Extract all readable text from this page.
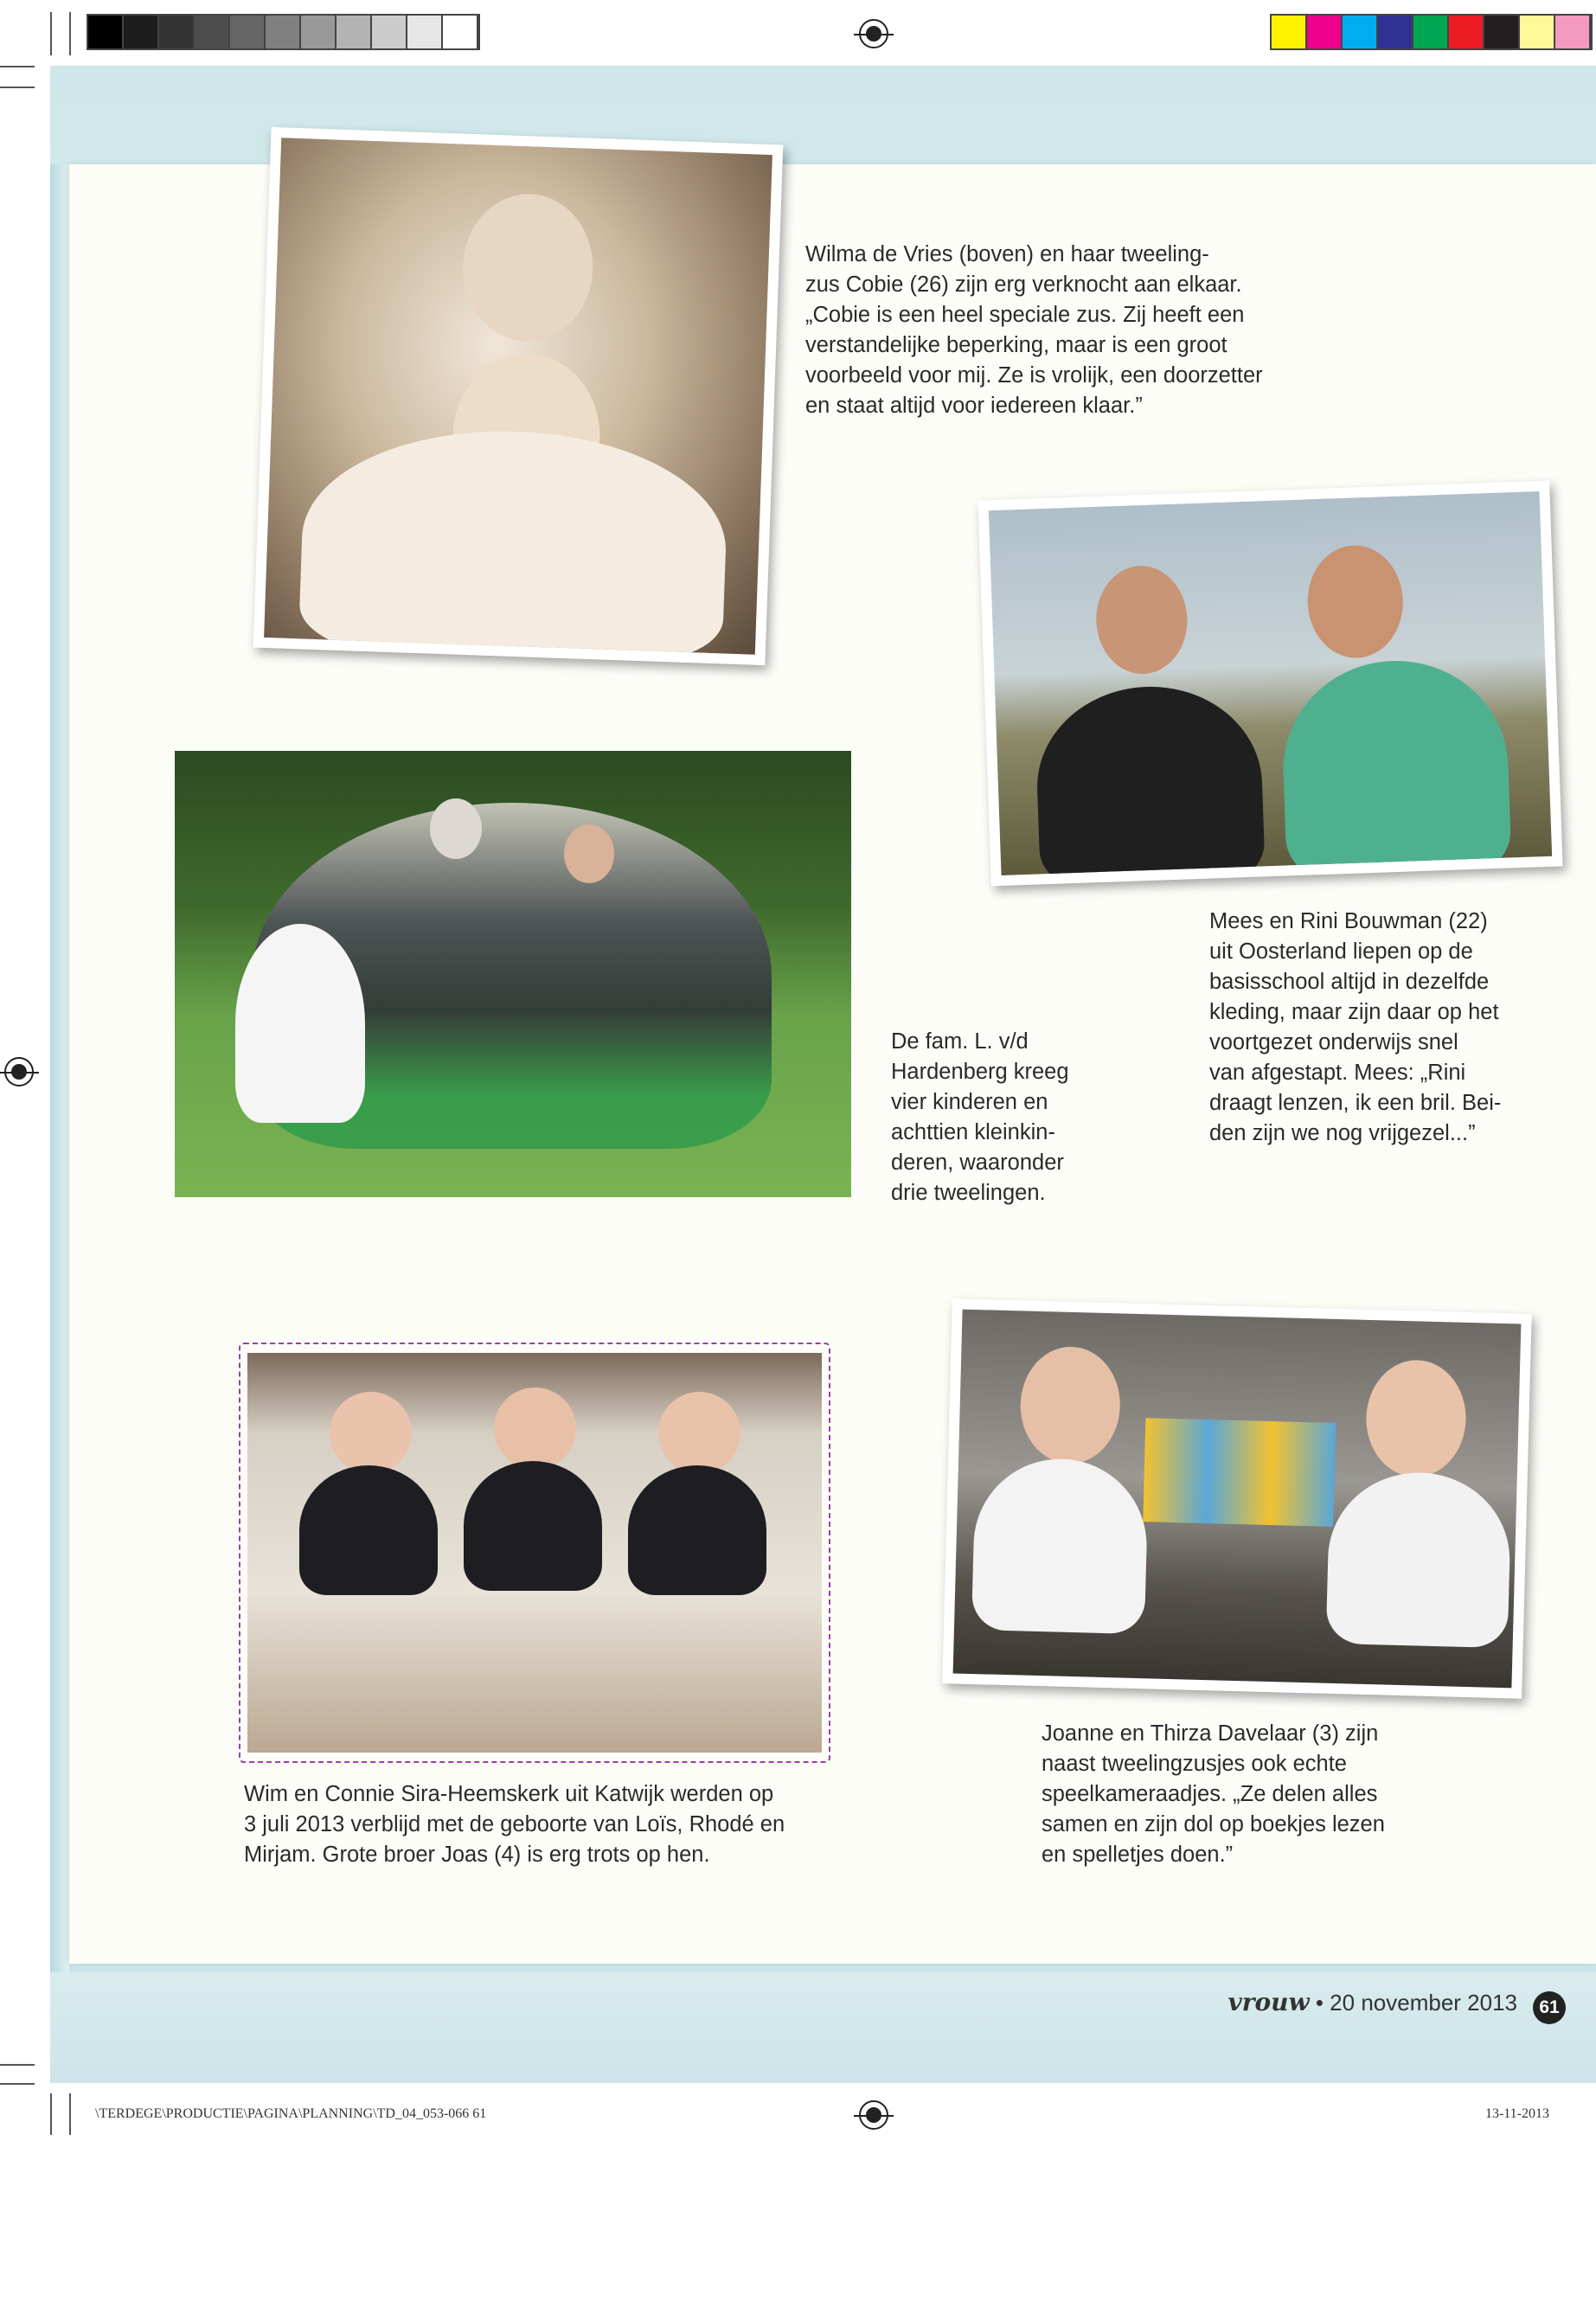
Wilma de Vries (boven) en haar tweeling-
zus Cobie (26) zijn erg verknocht aan elkaar.
„Cobie is een heel speciale zus. Zij heeft een
verstandelijke beperking, maar is een groot
voorbeeld voor mij. Ze is vrolijk, een doorzetter
en staat altijd voor iedereen klaar.”

De fam. L. v/d
Hardenberg kreeg
vier kinderen en
achttien kleinkin-
deren, waaronder
drie tweelingen.

Mees en Rini Bouwman (22)
uit Oosterland liepen op de
basisschool altijd in dezelfde
kleding, maar zijn daar op het
voortgezet onderwijs snel
van afgestapt. Mees: „Rini
draagt lenzen, ik een bril. Bei-
den zijn we nog vrijgezel...”

Wim en Connie Sira-Heemskerk uit Katwijk werden op
3 juli 2013 verblijd met de geboorte van Loïs, Rhodé en
Mirjam. Grote broer Joas (4) is erg trots op hen.

Joanne en Thirza Davelaar (3) zijn
naast tweelingzusjes ook echte
speelkameraadjes. „Ze delen alles
samen en zijn dol op boekjes lezen
en spelletjes doen.”

vrouw • 20 november 2013	61
\TERDEGE\PRODUCTIE\PAGINA\PLANNING\TD_04_053-066 61	13-11-2013
